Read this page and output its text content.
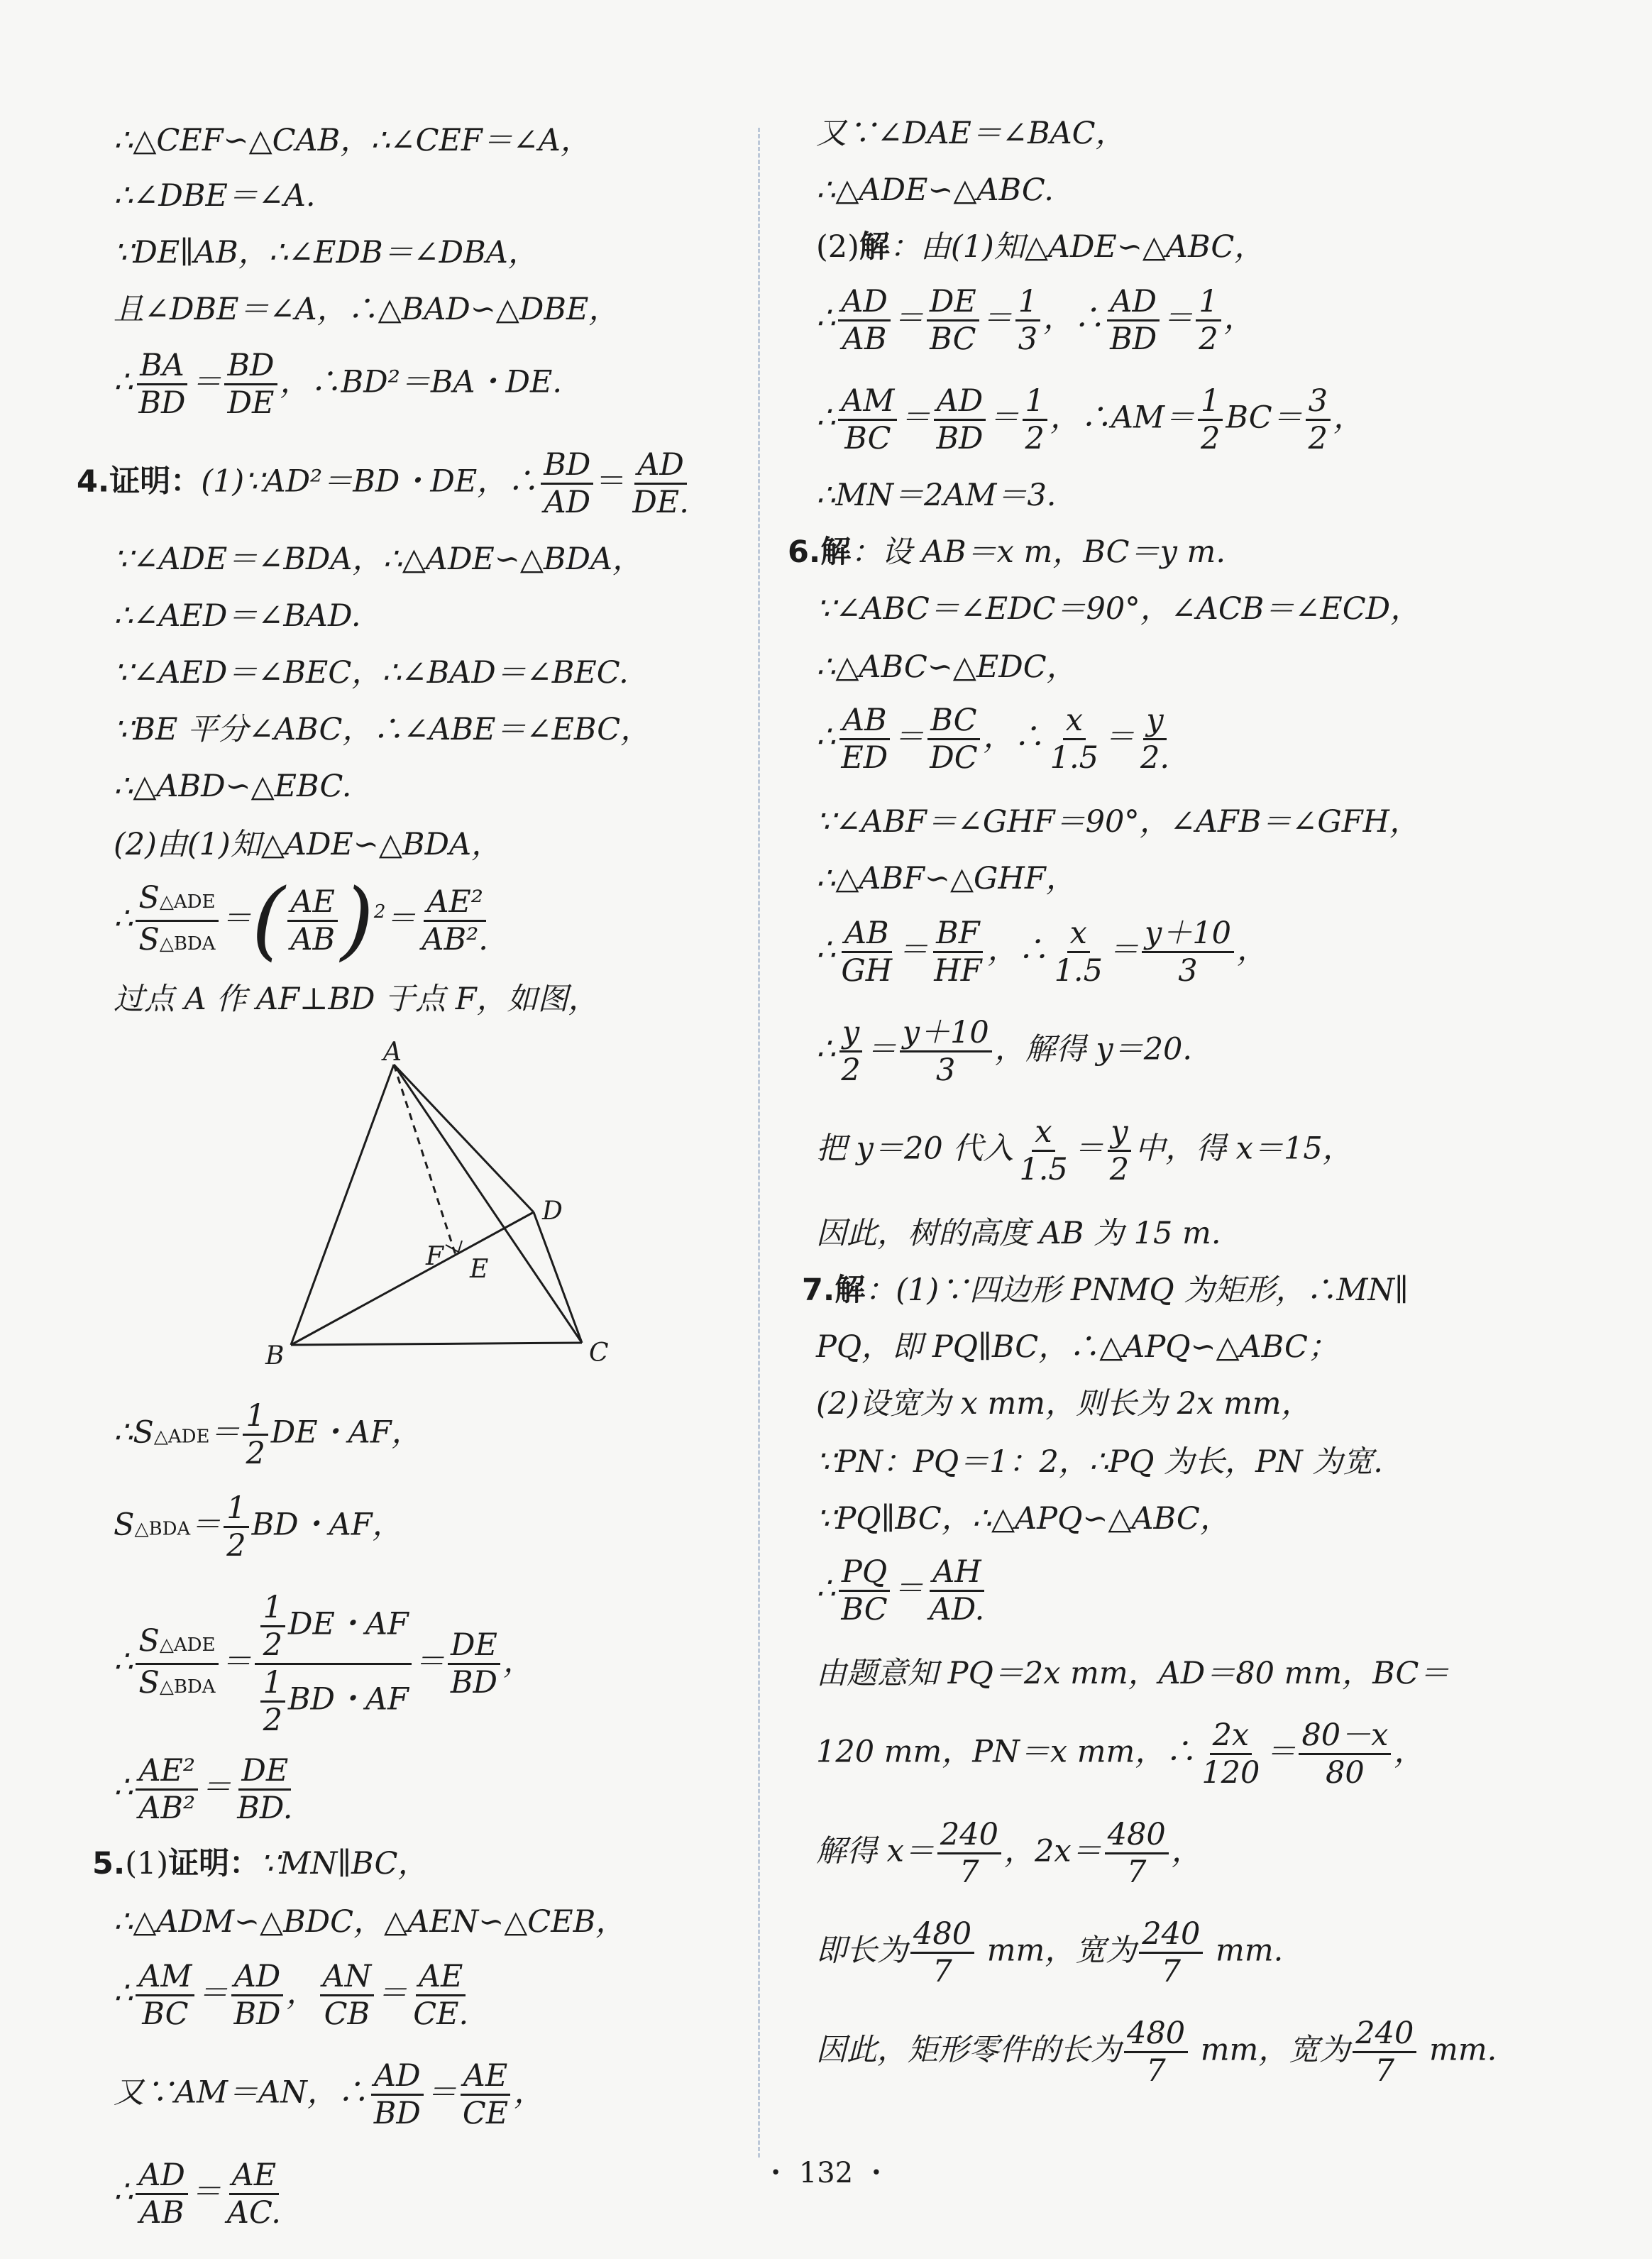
∴△CEF∽△CAB，∴∠CEF＝∠A，
∴∠DBE＝∠A.
∵DE∥AB，∴∠EDB＝∠DBA，
且∠DBE＝∠A，∴△BAD∽△DBE，
∴ $\frac{BA}{BD} = \frac{BD}{DE}$ ，∴BD²＝BA・DE.
4.证明：(1)∵AD²＝BD・DE，∴ $\frac{BD}{AD} = \frac{AD}{DE.}$
∵∠ADE＝∠BDA，∴△ADE∽△BDA，
∴∠AED＝∠BAD.
∵∠AED＝∠BEC，∴∠BAD＝∠BEC.
∵BE 平分∠ABC，∴∠ABE＝∠EBC，
∴△ABD∽△EBC.
(2)由(1)知△ADE∽△BDA，
∴ $\frac{\text{S△ADE}}{\text{S△BDA}}$ ＝( $\frac{AE}{AB} )^2= \frac{\text{AE²}}{\text{AB².}}$
过点 A 作 AF⊥BD 于点 F，如图，
A
B	C
D
E
F
∴S△ADE＝ $\frac{1}{2}$ DE・AF，
S△BDA＝ $\frac{1}{2}$ BD・AF，
∴ $\frac{\text{S△ADE}}{\text{S△BDA}} = \frac{\frac{1}{2} DE・AF}{\frac{1}{2} BD・AF} = \frac{DE}{BD}$ ，
∴ $\frac{\text{AE²}}{\text{AB²}} = \frac{DE}{BD.}$
5.(1)证明：∵MN∥BC，
∴△ADM∽△BDC，△AEN∽△CEB，
∴ $\frac{AM}{BC} = \frac{AD}{BD}$ ， $\frac{AN}{CB} = \frac{AE}{CE.}$
又∵AM＝AN，∴ $\frac{AD}{BD} = \frac{AE}{CE}$ ，
∴ $\frac{AD}{AB} = \frac{AE}{AC.}$
又∵∠DAE＝∠BAC，
∴△ADE∽△ABC.
(2)解：由(1)知△ADE∽△ABC，
∴ $\frac{AD}{AB} = \frac{DE}{BC} = \frac{1}{3}$ ，∴ $\frac{AD}{BD} = \frac{1}{2}$ ，
∴ $\frac{AM}{BC} = \frac{AD}{BD} = \frac{1}{2}$ ，∴AM＝ $\frac{1}{2} BC= \frac{3}{2}$ ，
∴MN＝2AM＝3.
6.解：设 AB＝x m，BC＝y m.
∵∠ABC＝∠EDC＝90°，∠ACB＝∠ECD，
∴△ABC∽△EDC，
∴ $\frac{AB}{ED} = \frac{BC}{DC}$ ，∴ $\frac{x}{1.5} = \frac{y}{2.}$
∵∠ABF＝∠GHF＝90°，∠AFB＝∠GFH，
∴△ABF∽△GHF，
∴ $\frac{AB}{GH} = \frac{BF}{HF}$ ，∴ $\frac{x}{1.5} = \frac{y+10}{3}$ ，
∴ $\frac{y}{2} = \frac{y+10}{3}$ ，解得 y＝20.
把 y＝20 代入 $\frac{x}{1.5} = \frac{y}{2}$ 中，得 x＝15，
因此，树的高度 AB 为 15 m.
7.解：(1)∵四边形 PNMQ 为矩形，∴MN∥
PQ，即 PQ∥BC，∴△APQ∽△ABC；
(2)设宽为 x mm，则长为 2x mm，
∵PN：PQ＝1：2，∴PQ 为长，PN 为宽.
∵PQ∥BC，∴△APQ∽△ABC，
∴ $\frac{PQ}{BC} = \frac{AH}{AD.}$
由题意知 PQ＝2x mm，AD＝80 mm，BC＝
120 mm，PN＝x mm，∴ $\frac{2x}{120} = \frac{80-x}{80}$ ，
解得 $x= \frac{240}{7}$ ，$2x= \frac{480}{7}$ ，
即长为 $\frac{480}{7}$ mm，宽为 $\frac{240}{7}$ mm.
因此，矩形零件的长为 $\frac{480}{7}$ mm，宽为 $\frac{240}{7}$ mm.
・ 132 ・
